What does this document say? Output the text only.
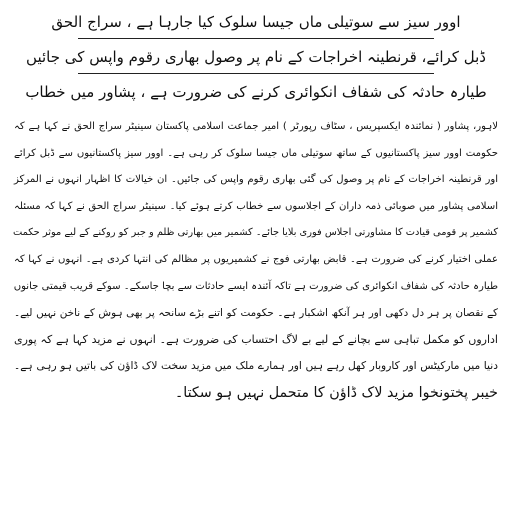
اوور سیز سے سوتیلی ماں جیسا سلوک کیا جارہا ہے ، سراج الحق

ڈبل کرائے، قرنطینہ اخراجات کے نام پر وصول بھاری رقوم واپس کی جائیں

طیارہ حادثہ کی شفاف انکوائری کرنے کی ضرورت ہے ، پشاور میں خطاب

لاہور، پشاور ( نمائندہ ایکسپریس ، سٹاف رپورٹر ) امیر جماعت اسلامی پاکستان سینیٹر سراج الحق نے کہا ہے کہ

حکومت اوور سیز پاکستانیوں کے ساتھ سوتیلی ماں جیسا سلوک کر رہی ہے۔ اوور سیز پاکستانیوں سے ڈبل کرائے

اور قرنطینہ اخراجات کے نام پر وصول کی گئی بھاری رقوم واپس کی جائیں۔ ان خیالات کا اظہار انہوں نے المرکز

اسلامی پشاور میں صوبائی ذمہ داران کے اجلاسوں سے خطاب کرتے ہوئے کیا۔ سینیٹر سراج الحق نے کہا کہ مسئلہ

کشمیر پر قومی قیادت کا مشاورتی اجلاس فوری بلایا جائے۔ کشمیر میں بھارتی ظلم و جبر کو روکنے کے لیے موثر حکمت

عملی اختیار کرنے کی ضرورت ہے۔ قابض بھارتی فوج نے کشمیریوں پر مظالم کی انتہا کردی ہے۔ انہوں نے کہا کہ

طیارہ حادثہ کی شفاف انکوائری کی ضرورت ہے تاکہ آئندہ ایسے حادثات سے بچا جاسکے۔ سوکے قریب قیمتی جانوں

کے نقصان پر ہر دل دکھی اور ہر آنکھ اشکبار ہے۔ حکومت کو اتنے بڑے سانحہ پر بھی ہوش کے ناخن نہیں لیے۔

اداروں کو مکمل تباہی سے بچانے کے لیے بے لاگ احتساب کی ضرورت ہے۔ انہوں نے مزید کہا ہے کہ پوری

دنیا میں مارکیٹس اور کاروبار کھل رہے ہیں اور ہمارے ملک میں مزید سخت لاک ڈاؤن کی باتیں ہو رہی ہے۔

خیبر پختونخوا مزید لاک ڈاؤن کا متحمل نہیں ہو سکتا۔
